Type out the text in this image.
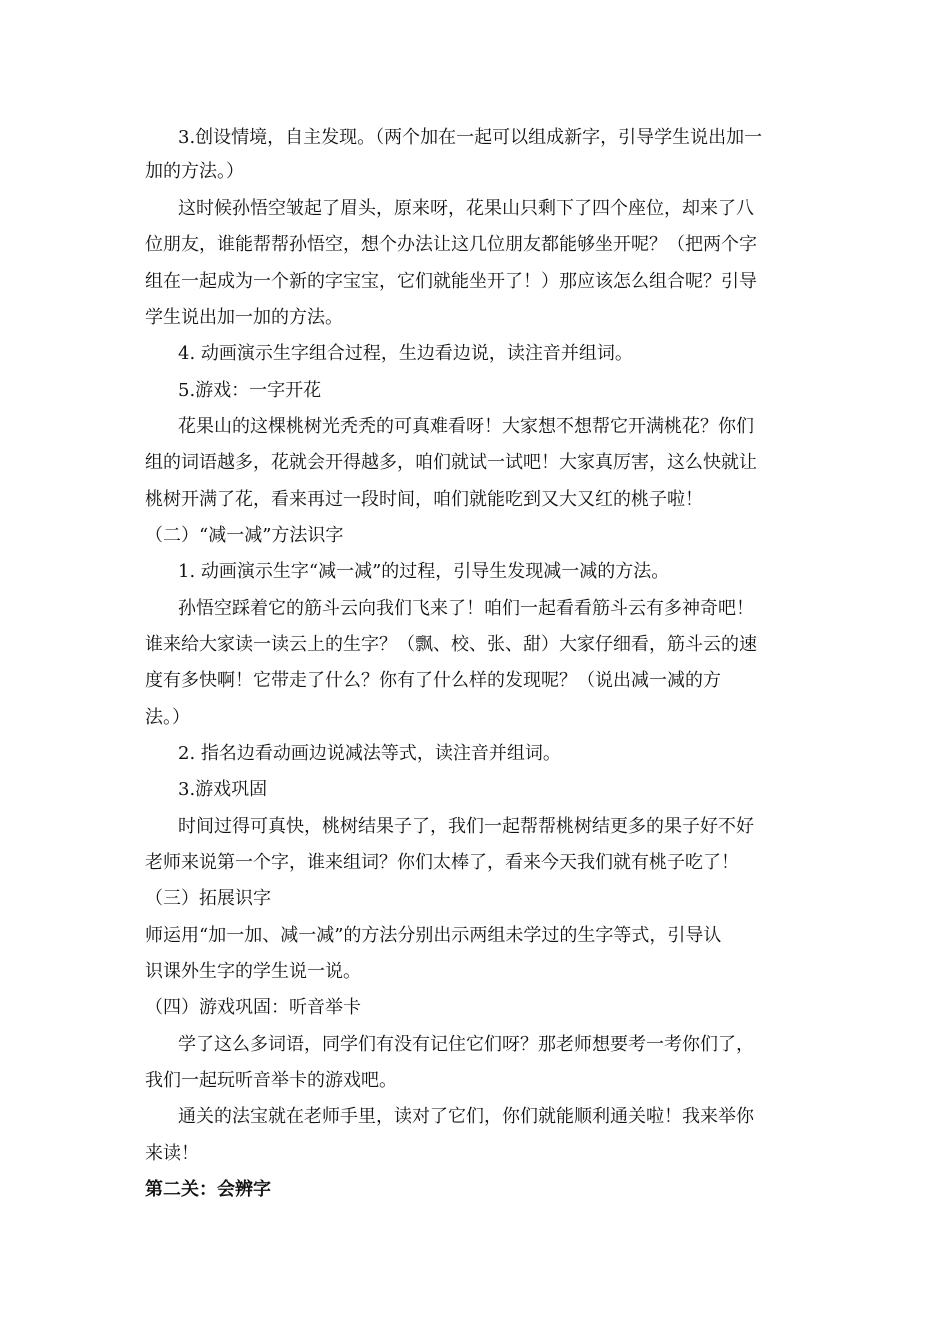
3.创设情境，自主发现。（两个加在一起可以组成新字，引导学生说出加一
加的方法。）
这时候孙悟空皱起了眉头，原来呀，花果山只剩下了四个座位，却来了八
位朋友，谁能帮帮孙悟空，想个办法让这几位朋友都能够坐开呢？（把两个字
组在一起成为一个新的字宝宝，它们就能坐开了！）那应该怎么组合呢？引导
学生说出加一加的方法。
4. 动画演示生字组合过程，生边看边说，读注音并组词。
5.游戏：一字开花
花果山的这棵桃树光秃秃的可真难看呀！大家想不想帮它开满桃花？你们
组的词语越多，花就会开得越多，咱们就试一试吧！大家真厉害，这么快就让
桃树开满了花，看来再过一段时间，咱们就能吃到又大又红的桃子啦！
（二）“减一减”方法识字
1. 动画演示生字“减一减”的过程，引导生发现减一减的方法。
孙悟空踩着它的筋斗云向我们飞来了！咱们一起看看筋斗云有多神奇吧！
谁来给大家读一读云上的生字？（飘、校、张、甜）大家仔细看，筋斗云的速
度有多快啊！它带走了什么？你有了什么样的发现呢？（说出减一减的方
法。）
2. 指名边看动画边说减法等式，读注音并组词。
3.游戏巩固
时间过得可真快，桃树结果子了，我们一起帮帮桃树结更多的果子好不好
老师来说第一个字，谁来组词？你们太棒了，看来今天我们就有桃子吃了！
（三）拓展识字
师运用“加一加、减一减”的方法分别出示两组未学过的生字等式，引导认
识课外生字的学生说一说。
（四）游戏巩固：听音举卡
学了这么多词语，同学们有没有记住它们呀？那老师想要考一考你们了，
我们一起玩听音举卡的游戏吧。
通关的法宝就在老师手里，读对了它们，你们就能顺利通关啦！我来举你
来读！
第二关：会辨字
